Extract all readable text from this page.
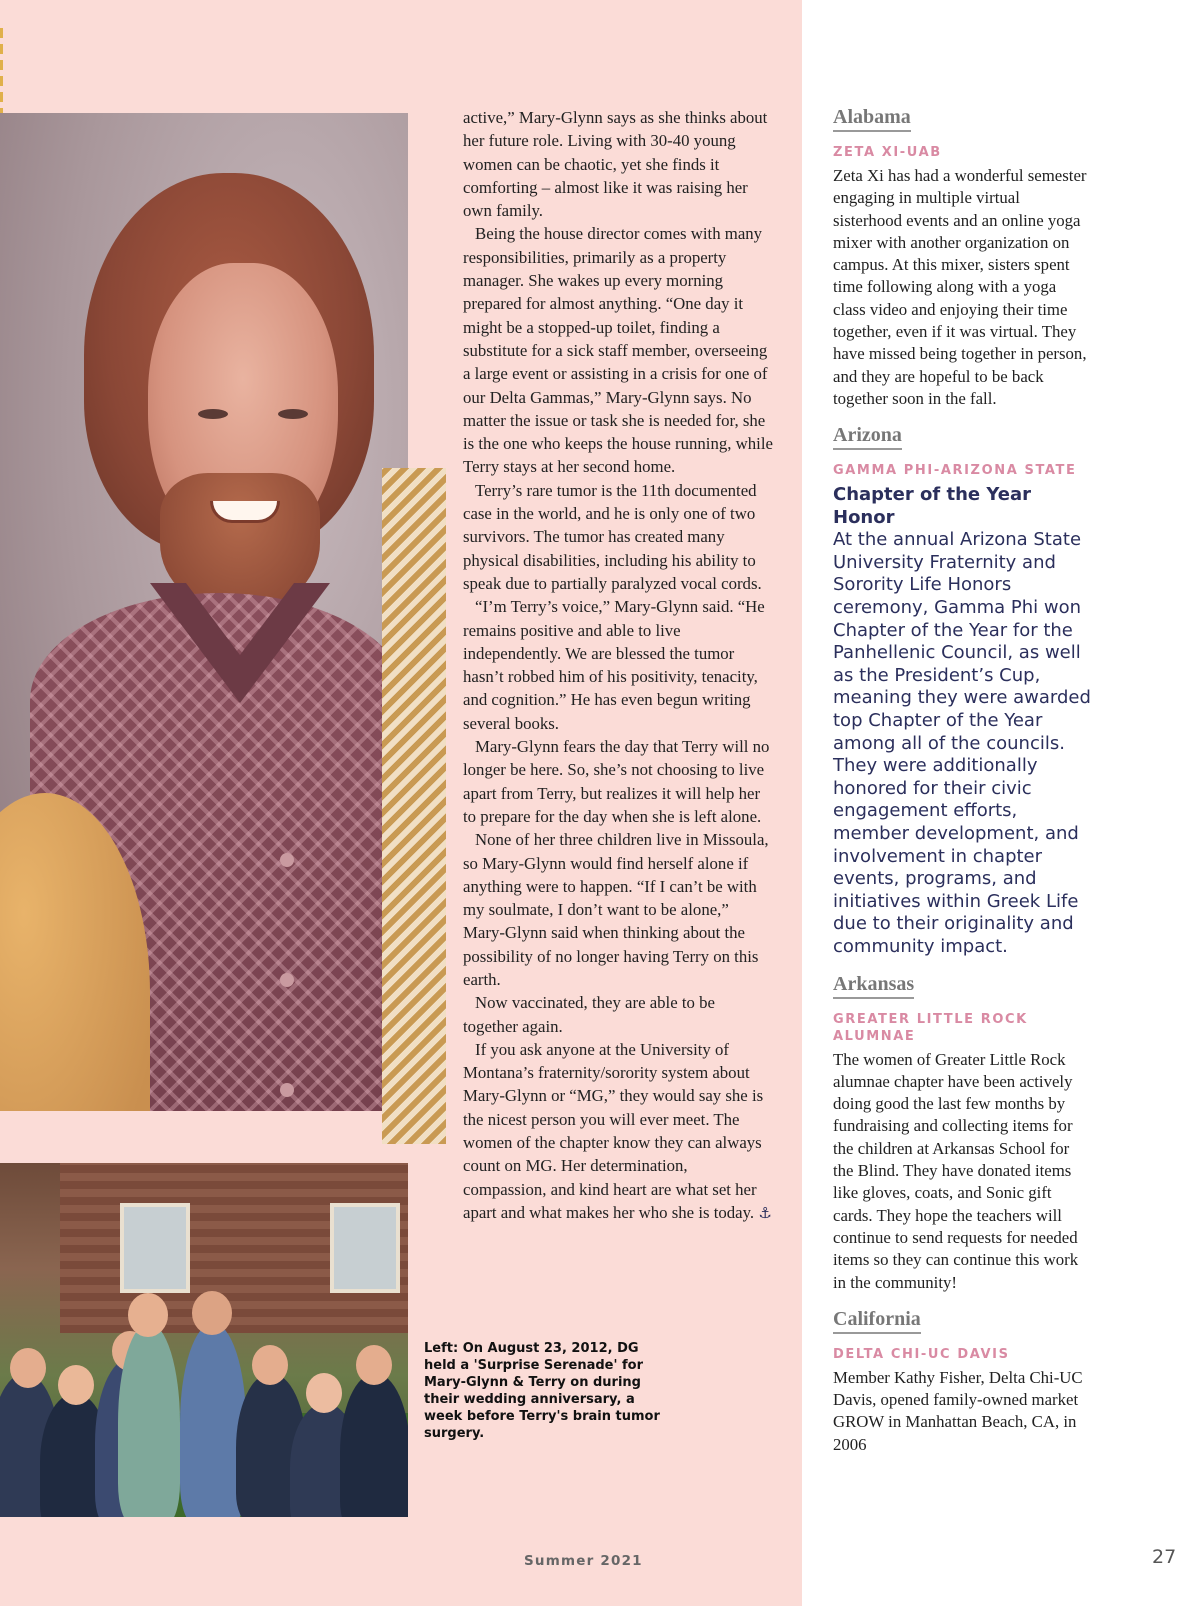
active,” Mary-Glynn says as she thinks about her future role. Living with 30-40 young women can be chaotic, yet she finds it comforting – almost like it was raising her own family.

Being the house director comes with many responsibilities, primarily as a property manager. She wakes up every morning prepared for almost anything. “One day it might be a stopped-up toilet, finding a substitute for a sick staff member, overseeing a large event or assisting in a crisis for one of our Delta Gammas,” Mary-Glynn says. No matter the issue or task she is needed for, she is the one who keeps the house running, while Terry stays at her second home.

Terry’s rare tumor is the 11th documented case in the world, and he is only one of two survivors. The tumor has created many physical disabilities, including his ability to speak due to partially paralyzed vocal cords.

“I’m Terry’s voice,” Mary-Glynn said. “He remains positive and able to live independently. We are blessed the tumor hasn’t robbed him of his positivity, tenacity, and cognition.” He has even begun writing several books.

Mary-Glynn fears the day that Terry will no longer be here. So, she’s not choosing to live apart from Terry, but realizes it will help her to prepare for the day when she is left alone.

None of her three children live in Missoula, so Mary-Glynn would find herself alone if anything were to happen. “If I can’t be with my soulmate, I don’t want to be alone,” Mary-Glynn said when thinking about the possibility of no longer having Terry on this earth.

Now vaccinated, they are able to be together again.

If you ask anyone at the University of Montana’s fraternity/sorority system about Mary-Glynn or “MG,” they would say she is the nicest person you will ever meet. The women of the chapter know they can always count on MG. Her determination, compassion, and kind heart are what set her apart and what makes her who she is today. ⚓

Left: On August 23, 2012, DG held a 'Surprise Serenade' for Mary-Glynn & Terry on during their wedding anniversary, a week before Terry's brain tumor surgery.
Alabama
ZETA XI-UAB
Zeta Xi has had a wonderful semester engaging in multiple virtual sisterhood events and an online yoga mixer with another organization on campus. At this mixer, sisters spent time following along with a yoga class video and enjoying their time together, even if it was virtual. They have missed being together in person, and they are hopeful to be back together soon in the fall.
Arizona
GAMMA PHI-ARIZONA STATE
Chapter of the Year Honor
At the annual Arizona State University Fraternity and Sorority Life Honors ceremony, Gamma Phi won Chapter of the Year for the Panhellenic Council, as well as the President’s Cup, meaning they were awarded top Chapter of the Year among all of the councils. They were additionally honored for their civic engagement efforts, member development, and involvement in chapter events, programs, and initiatives within Greek Life due to their originality and community impact.
Arkansas
GREATER LITTLE ROCK ALUMNAE
The women of Greater Little Rock alumnae chapter have been actively doing good the last few months by fundraising and collecting items for the children at Arkansas School for the Blind. They have donated items like gloves, coats, and Sonic gift cards. They hope the teachers will continue to send requests for needed items so they can continue this work in the community!
California
DELTA CHI-UC DAVIS
Member Kathy Fisher, Delta Chi-UC Davis, opened family-owned market GROW in Manhattan Beach, CA, in 2006
Summer 2021	27
